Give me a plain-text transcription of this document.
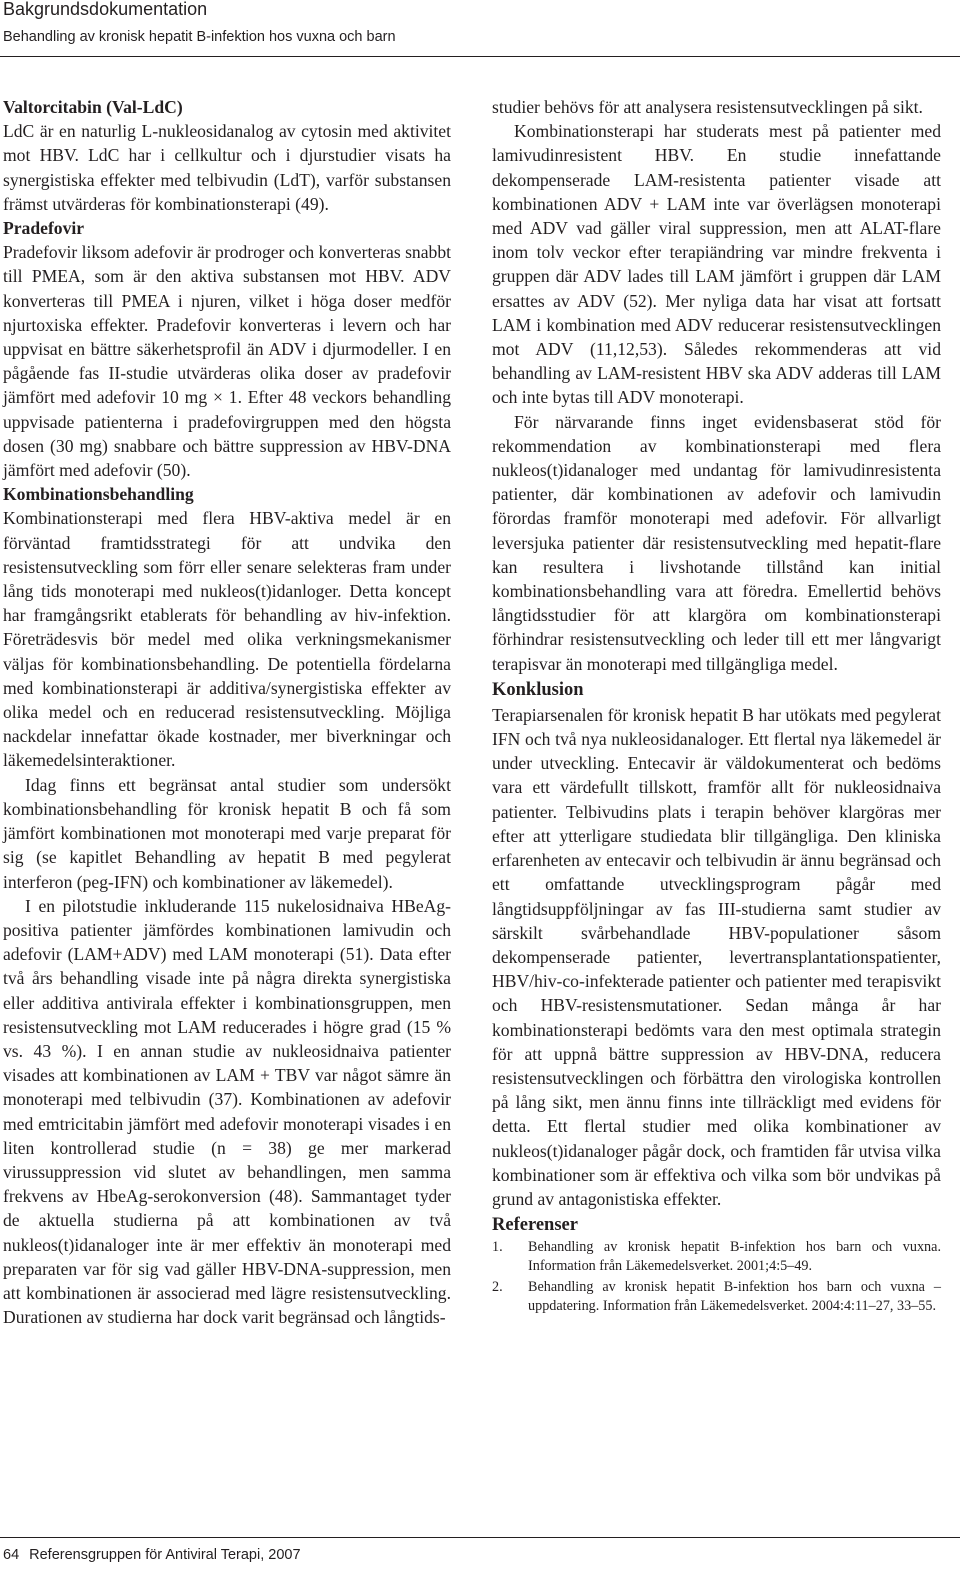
Bakgrundsdokumentation
Behandling av kronisk hepatit B-infektion hos vuxna och barn
Valtorcitabin (Val-LdC)

LdC är en naturlig L-nukleosidanalog av cytosin med aktivitet mot HBV. LdC har i cellkultur och i djurstudier visats ha synergistiska effekter med telbivudin (LdT), varför substansen främst utvärderas för kombinationsterapi (49).

Pradefovir

Pradefovir liksom adefovir är prodroger och konverteras snabbt till PMEA, som är den aktiva substansen mot HBV. ADV konverteras till PMEA i njuren, vilket i höga doser medför njurtoxiska effekter. Pradefovir konverteras i levern och har uppvisat en bättre säkerhetsprofil än ADV i djurmodeller. I en pågående fas II-studie utvärderas olika doser av pradefovir jämfört med adefovir 10 mg × 1. Efter 48 veckors behandling uppvisade patienterna i pradefovirgruppen med den högsta dosen (30 mg) snabbare och bättre suppression av HBV-DNA jämfört med adefovir (50).

Kombinationsbehandling

Kombinationsterapi med flera HBV-aktiva medel är en förväntad framtidsstrategi för att undvika den resistensutveckling som förr eller senare selekteras fram under lång tids monoterapi med nukleos(t)idanloger. Detta koncept har framgångsrikt etablerats för behandling av hiv-infektion. Företrädesvis bör medel med olika verkningsmekanismer väljas för kombinationsbehandling. De potentiella fördelarna med kombinationsterapi är additiva/synergistiska effekter av olika medel och en reducerad resistensutveckling. Möjliga nackdelar innefattar ökade kostnader, mer biverkningar och läkemedelsinteraktioner.

Idag finns ett begränsat antal studier som undersökt kombinationsbehandling för kronisk hepatit B och få som jämfört kombinationen mot monoterapi med varje preparat för sig (se kapitlet Behandling av hepatit B med pegylerat interferon (peg-IFN) och kombinationer av läkemedel).

I en pilotstudie inkluderande 115 nukelosidnaiva HBeAg-positiva patienter jämfördes kombinationen lamivudin och adefovir (LAM+ADV) med LAM monoterapi (51). Data efter två års behandling visade inte på några direkta synergistiska eller additiva antivirala effekter i kombinationsgruppen, men resistensutveckling mot LAM reducerades i högre grad (15 % vs. 43 %). I en annan studie av nukleosidnaiva patienter visades att kombinationen av LAM + TBV var något sämre än monoterapi med telbivudin (37). Kombinationen av adefovir med emtricitabin jämfört med adefovir monoterapi visades i en liten kontrollerad studie (n = 38) ge mer markerad virussuppression vid slutet av behandlingen, men samma frekvens av HbeAg-serokonversion (48). Sammantaget tyder de aktuella studierna på att kombinationen av två nukleos(t)idanaloger inte är mer effektiv än monoterapi med preparaten var för sig vad gäller HBV-DNA-suppression, men att kombinationen är associerad med lägre resistensutveckling. Durationen av studierna har dock varit begränsad och långtids-

studier behövs för att analysera resistensutvecklingen på sikt.

Kombinationsterapi har studerats mest på patienter med lamivudinresistent HBV. En studie innefattande dekompenserade LAM-resistenta patienter visade att kombinationen ADV + LAM inte var överlägsen monoterapi med ADV vad gäller viral suppression, men att ALAT-flare inom tolv veckor efter terapiändring var mindre frekventa i gruppen där ADV lades till LAM jämfört i gruppen där LAM ersattes av ADV (52). Mer nyliga data har visat att fortsatt LAM i kombination med ADV reducerar resistensutvecklingen mot ADV (11,12,53). Således rekommenderas att vid behandling av LAM-resistent HBV ska ADV adderas till LAM och inte bytas till ADV monoterapi.

För närvarande finns inget evidensbaserat stöd för rekommendation av kombinationsterapi med flera nukleos(t)idanaloger med undantag för lamivudinresistenta patienter, där kombinationen av adefovir och lamivudin förordas framför monoterapi med adefovir. För allvarligt leversjuka patienter där resistensutveckling med hepatit-flare kan resultera i livshotande tillstånd kan initial kombinationsbehandling vara att föredra. Emellertid behövs långtidsstudier för att klargöra om kombinationsterapi förhindrar resistensutveckling och leder till ett mer långvarigt terapisvar än monoterapi med tillgängliga medel.

Konklusion

Terapiarsenalen för kronisk hepatit B har utökats med pegylerat IFN och två nya nukleosidanaloger. Ett flertal nya läkemedel är under utveckling. Entecavir är väldokumenterat och bedöms vara ett värdefullt tillskott, framför allt för nukleosidnaiva patienter. Telbivudins plats i terapin behöver klargöras mer efter att ytterligare studiedata blir tillgängliga. Den kliniska erfarenheten av entecavir och telbivudin är ännu begränsad och ett omfattande utvecklingsprogram pågår med långtidsuppföljningar av fas III-studierna samt studier av särskilt svårbehandlade HBV-populationer såsom dekompenserade patienter, levertransplantationspatienter, HBV/hiv-co-infekterade patienter och patienter med terapisvikt och HBV-resistensmutationer. Sedan många år har kombinationsterapi bedömts vara den mest optimala strategin för att uppnå bättre suppression av HBV-DNA, reducera resistensutvecklingen och förbättra den virologiska kontrollen på lång sikt, men ännu finns inte tillräckligt med evidens för detta. Ett flertal studier med olika kombinationer av nukleos(t)idanaloger pågår dock, och framtiden får utvisa vilka kombinationer som är effektiva och vilka som bör undvikas på grund av antagonistiska effekter.

Referenser
1. Behandling av kronisk hepatit B-infektion hos barn och vuxna. Information från Läkemedelsverket. 2001;4:5–49.
2. Behandling av kronisk hepatit B-infektion hos barn och vuxna – uppdatering. Information från Läkemedelsverket. 2004:4:11–27, 33–55.
64 Referensgruppen för Antiviral Terapi, 2007
